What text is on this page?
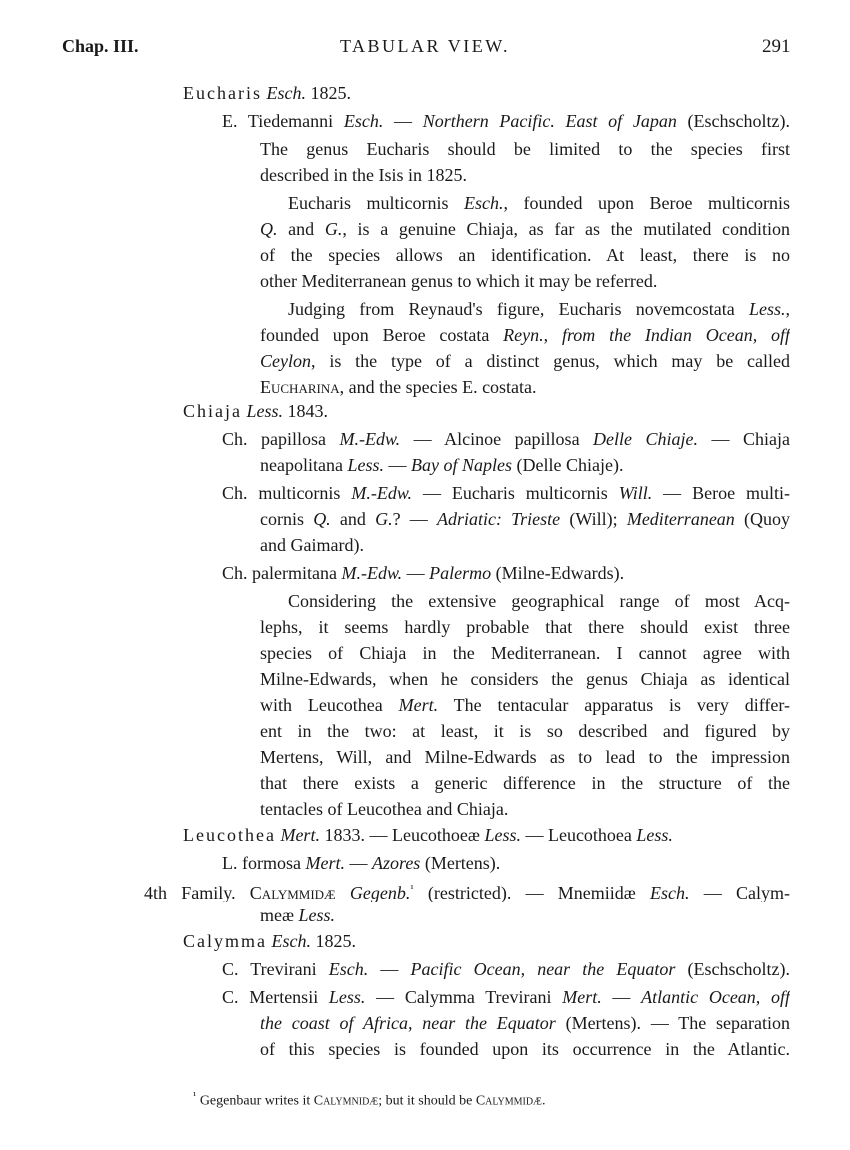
Chap. III.	TABULAR VIEW.	291
Eucharis Esch. 1825.
E. Tiedemanni Esch. — Northern Pacific. East of Japan (Eschscholtz).
The genus Eucharis should be limited to the species first
described in the Isis in 1825.
Eucharis multicornis Esch., founded upon Beroe multicornis
Q. and G., is a genuine Chiaja, as far as the mutilated condition
of the species allows an identification. At least, there is no
other Mediterranean genus to which it may be referred.
Judging from Reynaud's figure, Eucharis novemcostata Less.,
founded upon Beroe costata Reyn., from the Indian Ocean, off
Ceylon, is the type of a distinct genus, which may be called
Eucharina, and the species E. costata.
Chiaja Less. 1843.
Ch. papillosa M.-Edw. — Alcinoe papillosa Delle Chiaje. — Chiaja
neapolitana Less. — Bay of Naples (Delle Chiaje).
Ch. multicornis M.-Edw. — Eucharis multicornis Will. — Beroe multi-
cornis Q. and G.? — Adriatic: Trieste (Will); Mediterranean (Quoy
and Gaimard).
Ch. palermitana M.-Edw. — Palermo (Milne-Edwards).
Considering the extensive geographical range of most Acq-
lephs, it seems hardly probable that there should exist three
species of Chiaja in the Mediterranean. I cannot agree with
Milne-Edwards, when he considers the genus Chiaja as identical
with Leucothea Mert. The tentacular apparatus is very differ-
ent in the two: at least, it is so described and figured by
Mertens, Will, and Milne-Edwards as to lead to the impression
that there exists a generic difference in the structure of the
tentacles of Leucothea and Chiaja.
Leucothea Mert. 1833. — Leucothoeæ Less. — Leucothoea Less.
L. formosa Mert. — Azores (Mertens).
4th Family. Calymmidæ Gegenb.$^{^1}$ (restricted). — Mnemiidæ Esch. — Calym-
meæ Less.
Calymma Esch. 1825.
C. Trevirani Esch. — Pacific Ocean, near the Equator (Eschscholtz).
C. Mertensii Less. — Calymma Trevirani Mert. — Atlantic Ocean, off
the coast of Africa, near the Equator (Mertens). — The separation
of this species is founded upon its occurrence in the Atlantic.
$^{^1}$ Gegenbaur writes it Calymnidæ; but it should be Calymmidæ.
